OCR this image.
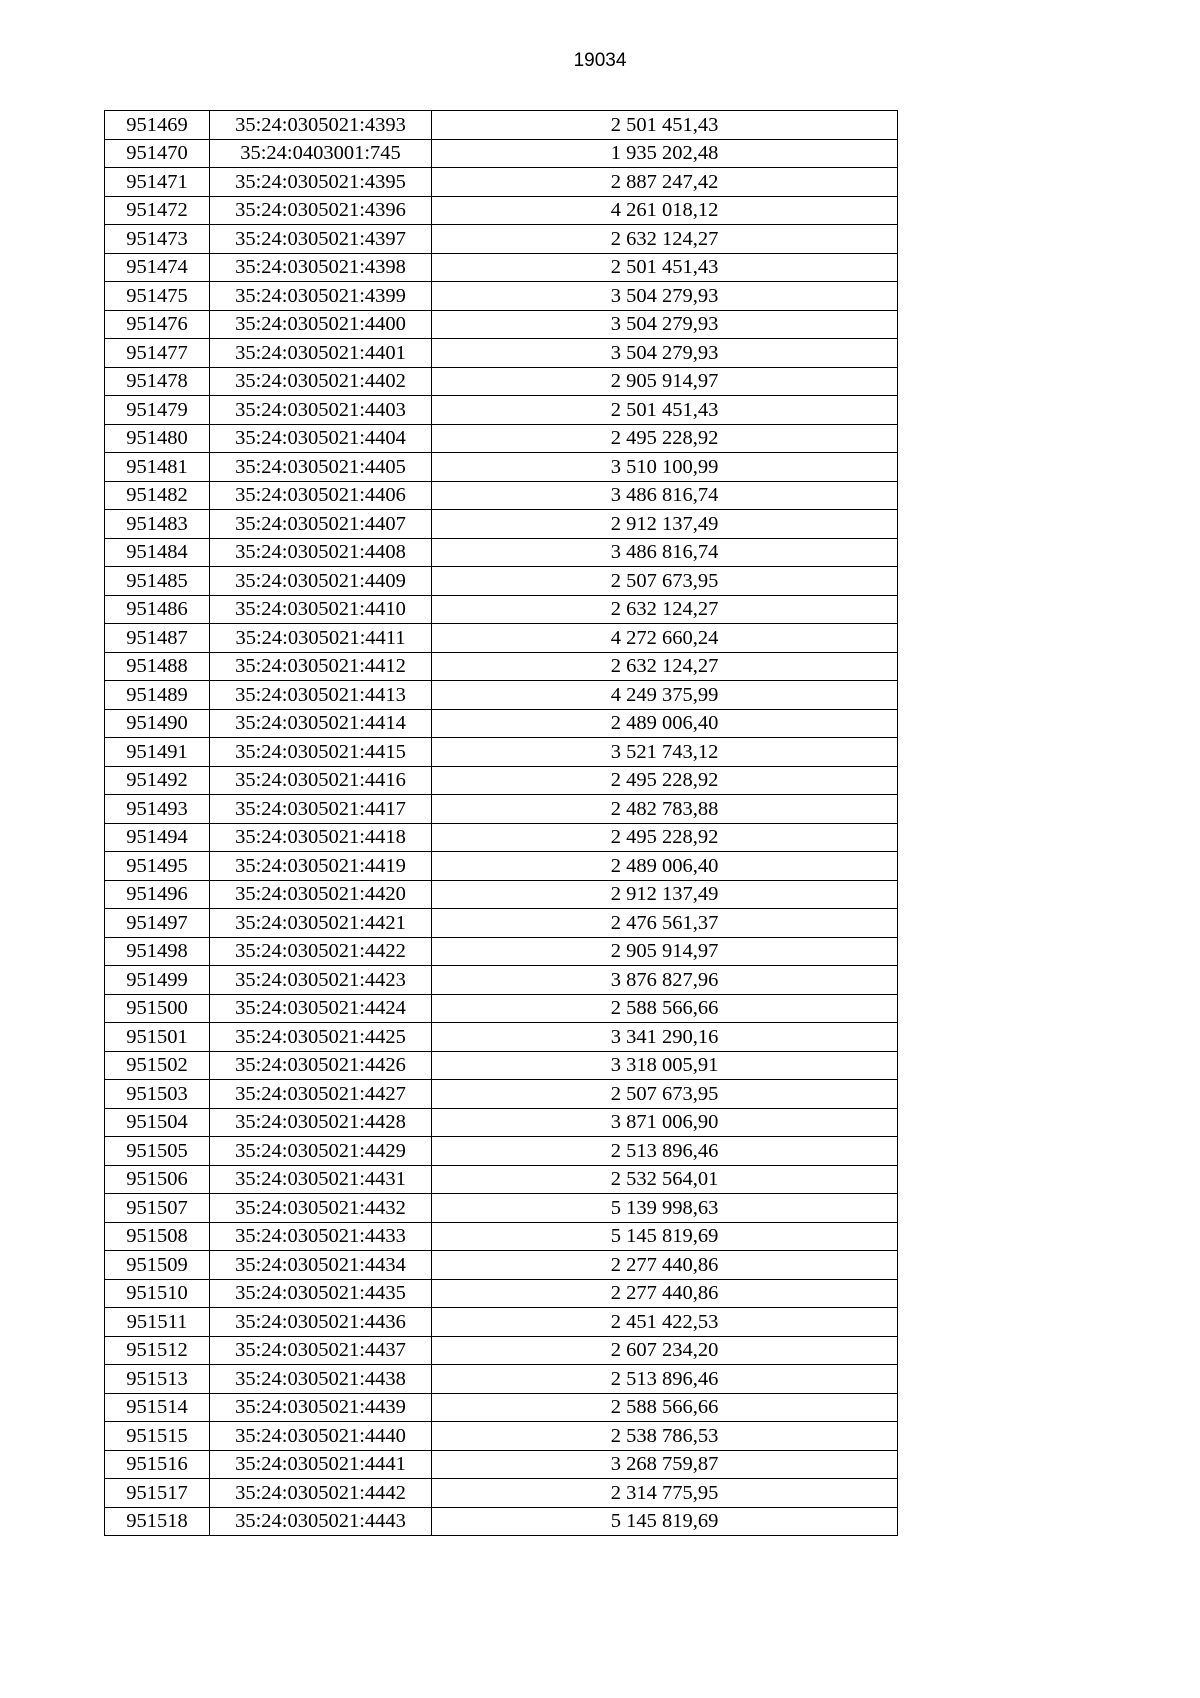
19034
951469	35:24:0305021:4393	2 501 451,43
951470	35:24:0403001:745	1 935 202,48
951471	35:24:0305021:4395	2 887 247,42
951472	35:24:0305021:4396	4 261 018,12
951473	35:24:0305021:4397	2 632 124,27
951474	35:24:0305021:4398	2 501 451,43
951475	35:24:0305021:4399	3 504 279,93
951476	35:24:0305021:4400	3 504 279,93
951477	35:24:0305021:4401	3 504 279,93
951478	35:24:0305021:4402	2 905 914,97
951479	35:24:0305021:4403	2 501 451,43
951480	35:24:0305021:4404	2 495 228,92
951481	35:24:0305021:4405	3 510 100,99
951482	35:24:0305021:4406	3 486 816,74
951483	35:24:0305021:4407	2 912 137,49
951484	35:24:0305021:4408	3 486 816,74
951485	35:24:0305021:4409	2 507 673,95
951486	35:24:0305021:4410	2 632 124,27
951487	35:24:0305021:4411	4 272 660,24
951488	35:24:0305021:4412	2 632 124,27
951489	35:24:0305021:4413	4 249 375,99
951490	35:24:0305021:4414	2 489 006,40
951491	35:24:0305021:4415	3 521 743,12
951492	35:24:0305021:4416	2 495 228,92
951493	35:24:0305021:4417	2 482 783,88
951494	35:24:0305021:4418	2 495 228,92
951495	35:24:0305021:4419	2 489 006,40
951496	35:24:0305021:4420	2 912 137,49
951497	35:24:0305021:4421	2 476 561,37
951498	35:24:0305021:4422	2 905 914,97
951499	35:24:0305021:4423	3 876 827,96
951500	35:24:0305021:4424	2 588 566,66
951501	35:24:0305021:4425	3 341 290,16
951502	35:24:0305021:4426	3 318 005,91
951503	35:24:0305021:4427	2 507 673,95
951504	35:24:0305021:4428	3 871 006,90
951505	35:24:0305021:4429	2 513 896,46
951506	35:24:0305021:4431	2 532 564,01
951507	35:24:0305021:4432	5 139 998,63
951508	35:24:0305021:4433	5 145 819,69
951509	35:24:0305021:4434	2 277 440,86
951510	35:24:0305021:4435	2 277 440,86
951511	35:24:0305021:4436	2 451 422,53
951512	35:24:0305021:4437	2 607 234,20
951513	35:24:0305021:4438	2 513 896,46
951514	35:24:0305021:4439	2 588 566,66
951515	35:24:0305021:4440	2 538 786,53
951516	35:24:0305021:4441	3 268 759,87
951517	35:24:0305021:4442	2 314 775,95
951518	35:24:0305021:4443	5 145 819,69
